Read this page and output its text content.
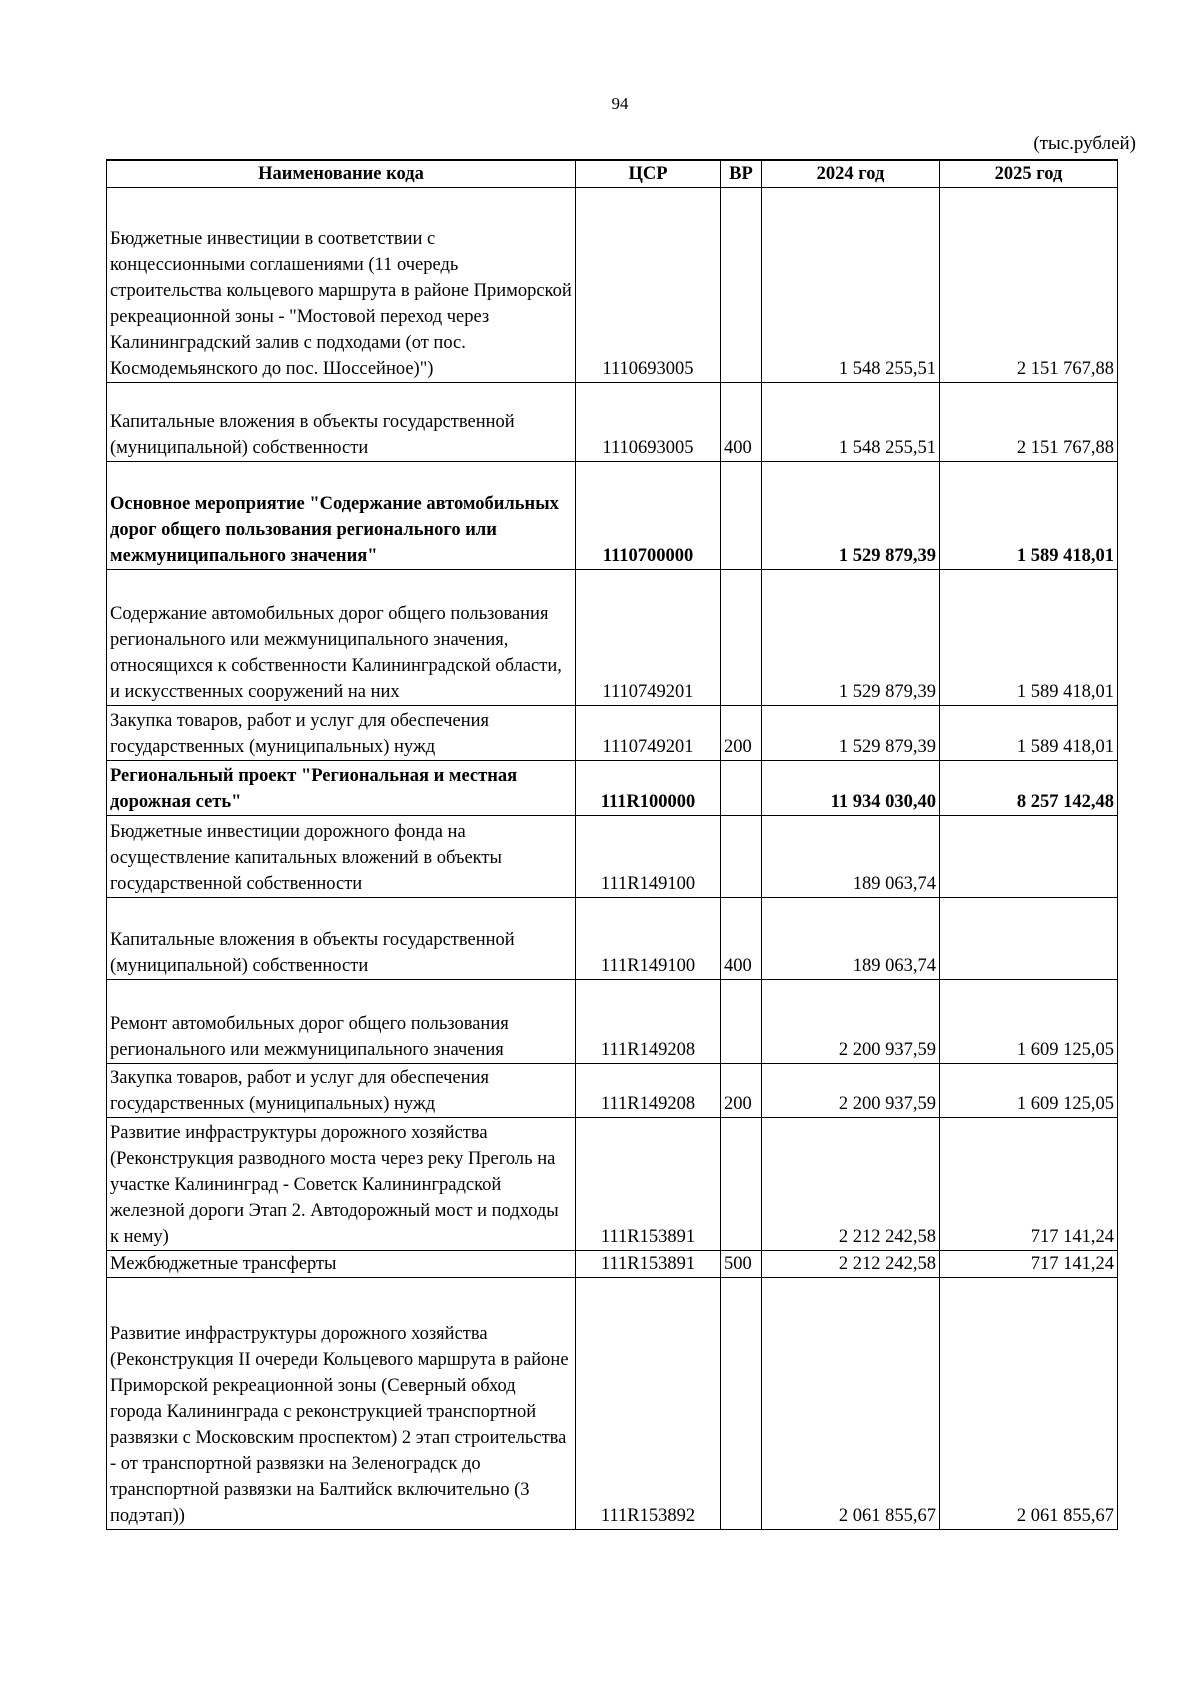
94
(тыс.рублей)
Наименование кода	ЦСР	ВР	2024 год	2025 год

Бюджетные инвестиции в соответствии с концессионными соглашениями (11 очередь строительства кольцевого маршрута в районе Приморской рекреационной зоны - "Мостовой переход через Калининградский залив с подходами (от пос. Космодемьянского до пос. Шоссейное)")	1110693005		1 548 255,51	2 151 767,88
Капитальные вложения в объекты государственной (муниципальной) собственности	1110693005	400	1 548 255,51	2 151 767,88
Основное мероприятие "Содержание автомобильных дорог общего пользования регионального или межмуниципального значения"	1110700000		1 529 879,39	1 589 418,01
Содержание автомобильных дорог общего пользования регионального или межмуниципального значения, относящихся к собственности Калининградской области, и искусственных сооружений на них	1110749201		1 529 879,39	1 589 418,01
Закупка товаров, работ и услуг для обеспечения государственных (муниципальных) нужд	1110749201	200	1 529 879,39	1 589 418,01
Региональный проект "Региональная и местная дорожная сеть"	111R100000		11 934 030,40	8 257 142,48
Бюджетные инвестиции дорожного фонда на осуществление капитальных вложений в объекты государственной собственности	111R149100		189 063,74	
Капитальные вложения в объекты государственной (муниципальной) собственности	111R149100	400	189 063,74	
Ремонт автомобильных дорог общего пользования регионального или межмуниципального значения	111R149208		2 200 937,59	1 609 125,05
Закупка товаров, работ и услуг для обеспечения государственных (муниципальных) нужд	111R149208	200	2 200 937,59	1 609 125,05
Развитие инфраструктуры дорожного хозяйства (Реконструкция разводного моста через реку Преголь на участке Калининград - Советск Калининградской железной дороги Этап 2. Автодорожный мост и подходы к нему)	111R153891		2 212 242,58	717 141,24
Межбюджетные трансферты	111R153891	500	2 212 242,58	717 141,24
Развитие инфраструктуры дорожного хозяйства (Реконструкция II очереди Кольцевого маршрута в районе Приморской рекреационной зоны (Северный обход города Калининграда с реконструкцией транспортной развязки с Московским проспектом) 2 этап строительства - от транспортной развязки на Зеленоградск до транспортной развязки на Балтийск включительно (3 подэтап))	111R153892		2 061 855,67	2 061 855,67
